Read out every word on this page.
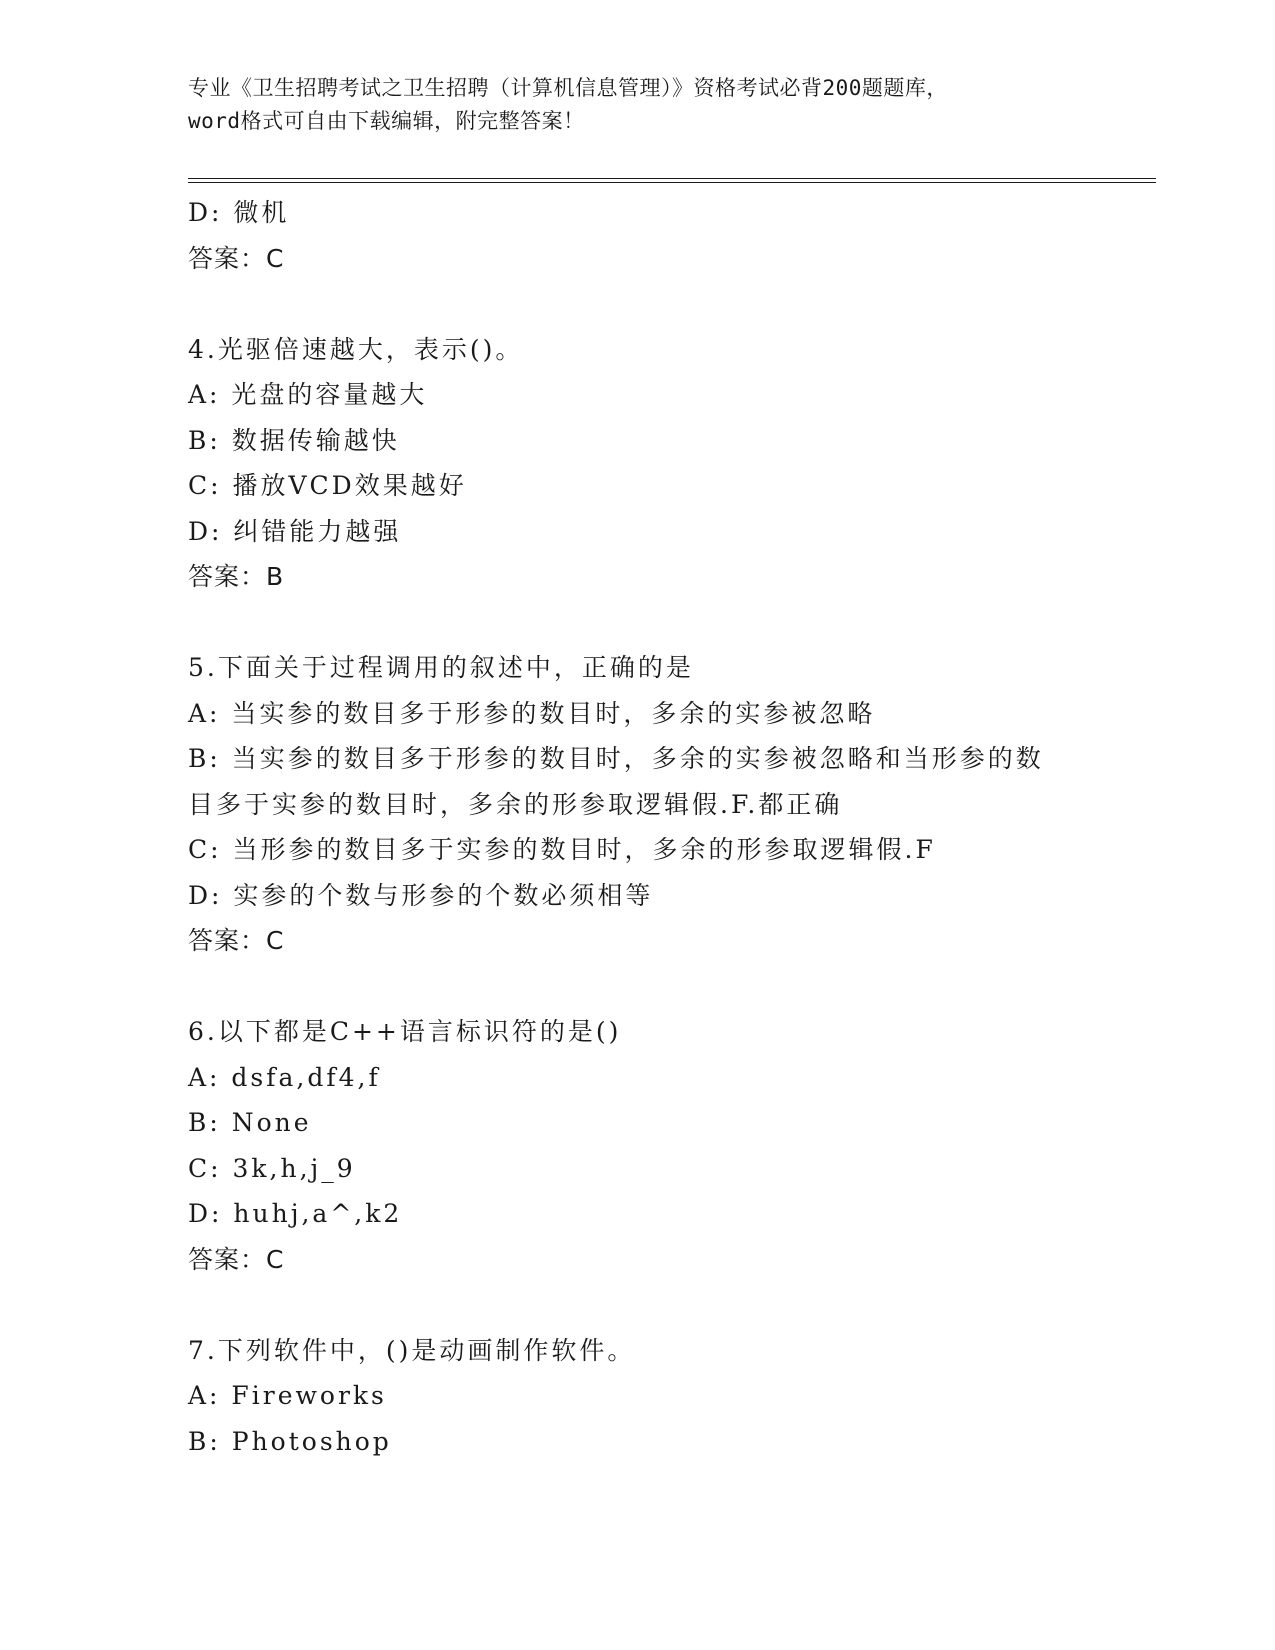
专业《卫生招聘考试之卫生招聘（计算机信息管理）》资格考试必背200题题库，
word格式可自由下载编辑，附完整答案！
D: 微机
答案：C
4.光驱倍速越大，表示()。
A: 光盘的容量越大
B: 数据传输越快
C: 播放VCD效果越好
D: 纠错能力越强
答案：B
5.下面关于过程调用的叙述中，正确的是
A: 当实参的数目多于形参的数目时，多余的实参被忽略
B: 当实参的数目多于形参的数目时，多余的实参被忽略和当形参的数
目多于实参的数目时，多余的形参取逻辑假.F.都正确
C: 当形参的数目多于实参的数目时，多余的形参取逻辑假.F
D: 实参的个数与形参的个数必须相等
答案：C
6.以下都是C++语言标识符的是()
A: dsfa,df4,f
B: None
C: 3k,h,j_9
D: huhj,a^,k2
答案：C
7.下列软件中，()是动画制作软件。
A: Fireworks
B: Photoshop
